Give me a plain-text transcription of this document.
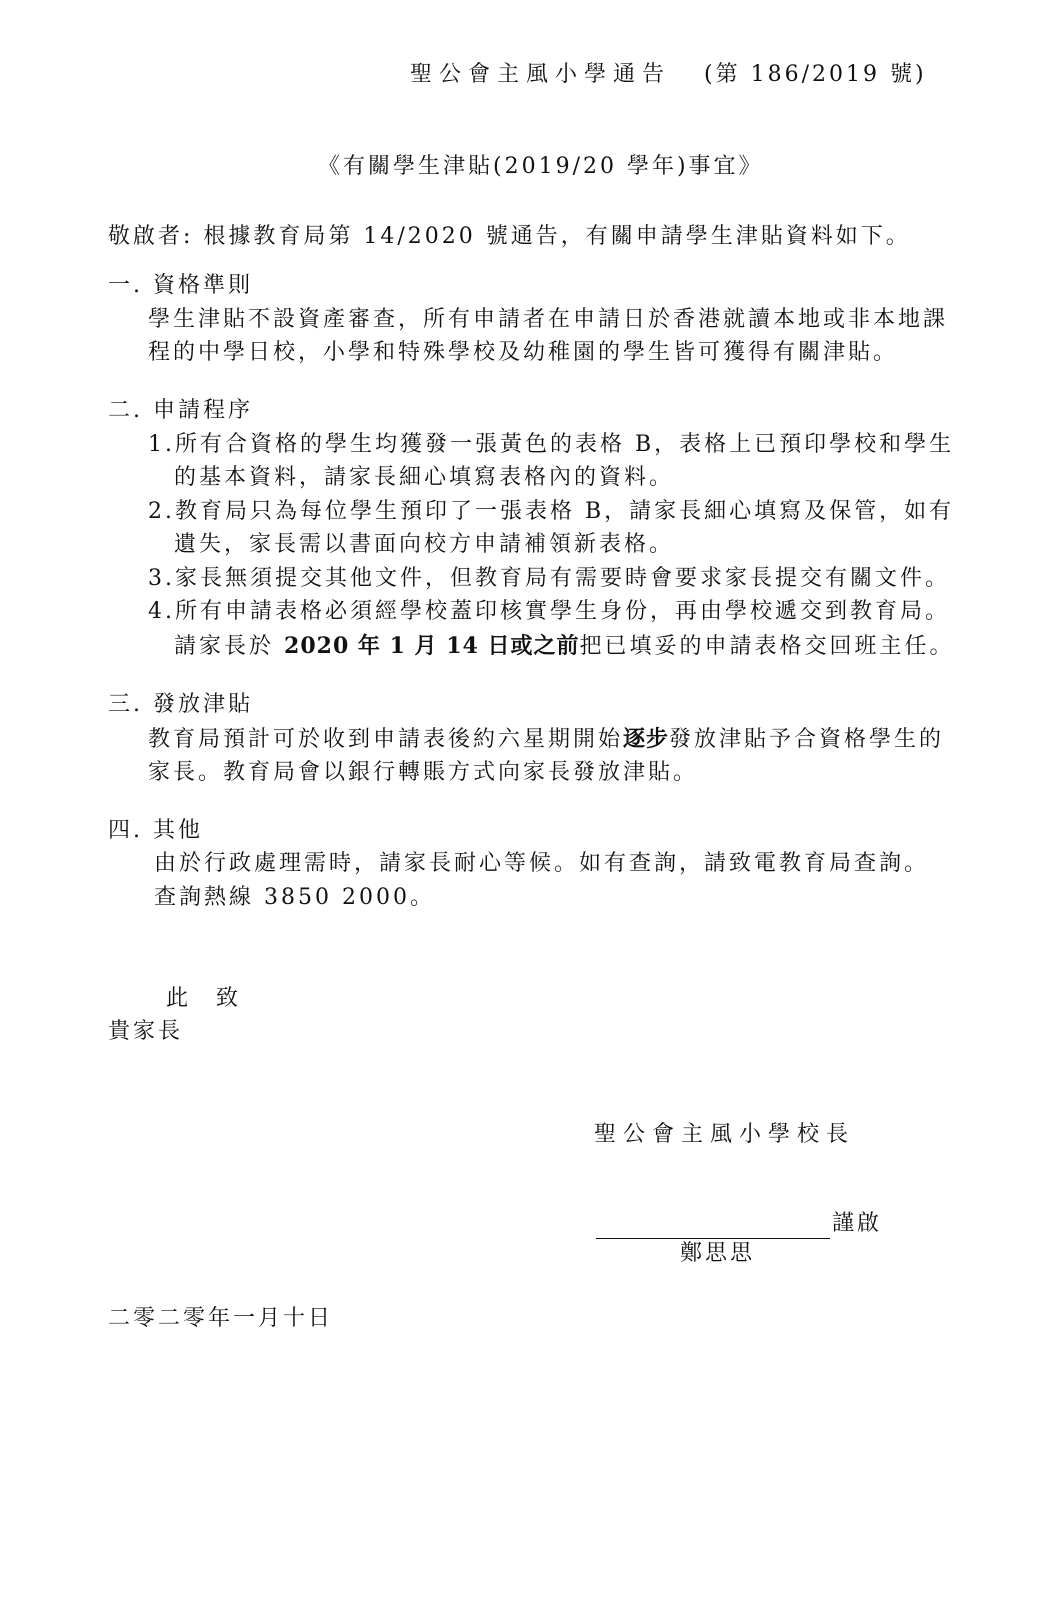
聖公會主風小學通告 (第 186/2019 號)
《有關學生津貼(2019/20 學年)事宜》
敬啟者: 根據教育局第 14/2020 號通告，有關申請學生津貼資料如下。
一. 資格準則
學生津貼不設資產審查，所有申請者在申請日於香港就讀本地或非本地課
程的中學日校，小學和特殊學校及幼稚園的學生皆可獲得有關津貼。
二. 申請程序
1.所有合資格的學生均獲發一張黃色的表格 B，表格上已預印學校和學生
的基本資料，請家長細心填寫表格內的資料。
2.教育局只為每位學生預印了一張表格 B，請家長細心填寫及保管，如有
遺失，家長需以書面向校方申請補領新表格。
3.家長無須提交其他文件，但教育局有需要時會要求家長提交有關文件。
4.所有申請表格必須經學校蓋印核實學生身份，再由學校遞交到教育局。
請家長於 2020 年 1 月 14 日或之前把已填妥的申請表格交回班主任。
三. 發放津貼
教育局預計可於收到申請表後約六星期開始逐步發放津貼予合資格學生的
家長。教育局會以銀行轉賬方式向家長發放津貼。
四. 其他
由於行政處理需時，請家長耐心等候。如有查詢，請致電教育局查詢。
查詢熱線 3850 2000。
此　致
貴家長
聖公會主風小學校長
謹啟
鄭思思
二零二零年一月十日
